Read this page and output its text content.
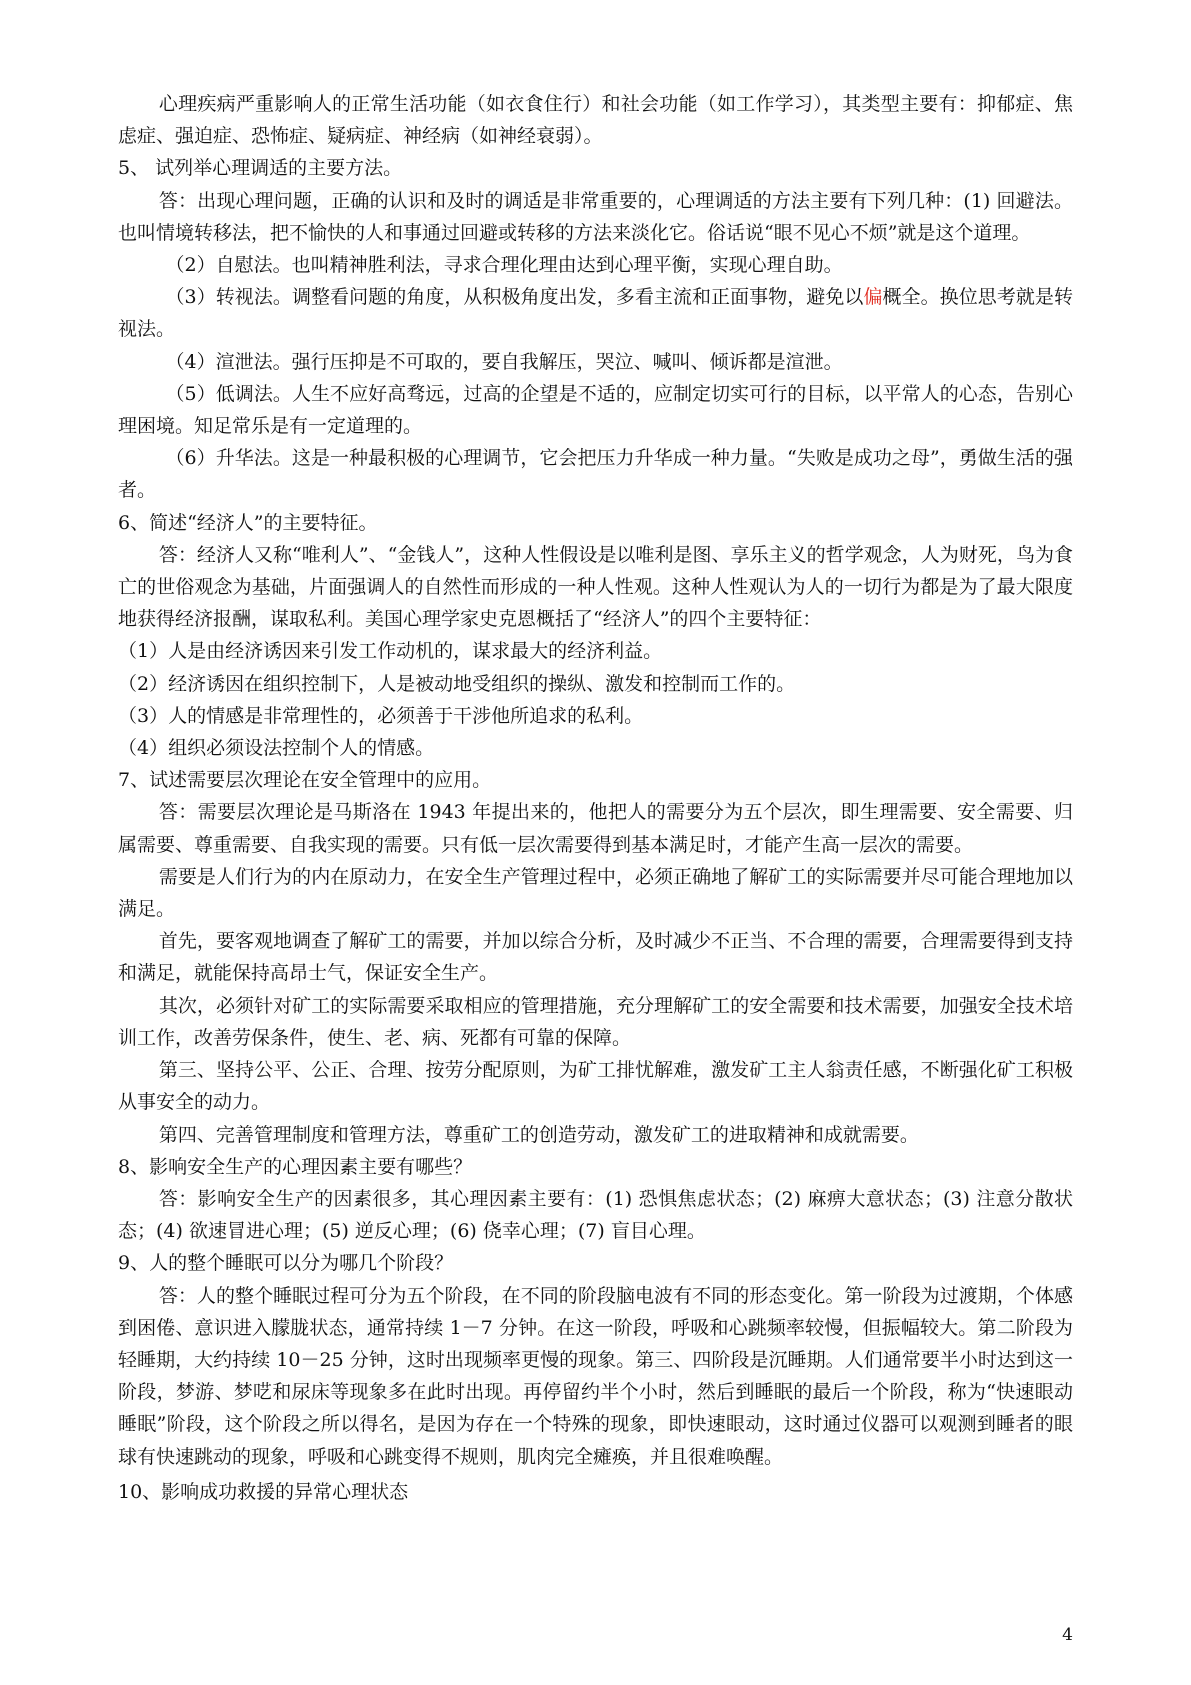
心理疾病严重影响人的正常生活功能（如衣食住行）和社会功能（如工作学习），其类型主要有：抑郁症、焦虑症、强迫症、恐怖症、疑病症、神经病（如神经衰弱）。

5、 试列举心理调适的主要方法。

答：出现心理问题，正确的认识和及时的调适是非常重要的，心理调适的方法主要有下列几种：(1) 回避法。也叫情境转移法，把不愉快的人和事通过回避或转移的方法来淡化它。俗话说“眼不见心不烦”就是这个道理。

（2）自慰法。也叫精神胜利法，寻求合理化理由达到心理平衡，实现心理自助。

（3）转视法。调整看问题的角度，从积极角度出发，多看主流和正面事物，避免以偏概全。换位思考就是转视法。

（4）渲泄法。强行压抑是不可取的，要自我解压，哭泣、喊叫、倾诉都是渲泄。

（5）低调法。人生不应好高骛远，过高的企望是不适的，应制定切实可行的目标，以平常人的心态，告别心理困境。知足常乐是有一定道理的。

（6）升华法。这是一种最积极的心理调节，它会把压力升华成一种力量。“失败是成功之母”，勇做生活的强者。

6、简述“经济人”的主要特征。

答：经济人又称“唯利人”、“金钱人”，这种人性假设是以唯利是图、享乐主义的哲学观念，人为财死，鸟为食亡的世俗观念为基础，片面强调人的自然性而形成的一种人性观。这种人性观认为人的一切行为都是为了最大限度地获得经济报酬，谋取私利。美国心理学家史克恩概括了“经济人”的四个主要特征：

（1）人是由经济诱因来引发工作动机的，谋求最大的经济利益。

（2）经济诱因在组织控制下，人是被动地受组织的操纵、激发和控制而工作的。

（3）人的情感是非常理性的，必须善于干涉他所追求的私利。

（4）组织必须设法控制个人的情感。

7、试述需要层次理论在安全管理中的应用。

答：需要层次理论是马斯洛在 1943 年提出来的，他把人的需要分为五个层次，即生理需要、安全需要、归属需要、尊重需要、自我实现的需要。只有低一层次需要得到基本满足时，才能产生高一层次的需要。

需要是人们行为的内在原动力，在安全生产管理过程中，必须正确地了解矿工的实际需要并尽可能合理地加以满足。

首先，要客观地调查了解矿工的需要，并加以综合分析，及时减少不正当、不合理的需要，合理需要得到支持和满足，就能保持高昂士气，保证安全生产。

其次，必须针对矿工的实际需要采取相应的管理措施，充分理解矿工的安全需要和技术需要，加强安全技术培训工作，改善劳保条件，使生、老、病、死都有可靠的保障。

第三、坚持公平、公正、合理、按劳分配原则，为矿工排忧解难，激发矿工主人翁责任感，不断强化矿工积极从事安全的动力。

第四、完善管理制度和管理方法，尊重矿工的创造劳动，激发矿工的进取精神和成就需要。

8、影响安全生产的心理因素主要有哪些？

答：影响安全生产的因素很多，其心理因素主要有：(1) 恐惧焦虑状态；(2) 麻痹大意状态；(3) 注意分散状态；(4) 欲速冒进心理；(5) 逆反心理；(6) 侥幸心理；(7) 盲目心理。

9、人的整个睡眠可以分为哪几个阶段？

答：人的整个睡眠过程可分为五个阶段，在不同的阶段脑电波有不同的形态变化。第一阶段为过渡期，个体感到困倦、意识进入朦胧状态，通常持续 1－7 分钟。在这一阶段，呼吸和心跳频率较慢，但振幅较大。第二阶段为轻睡期，大约持续 10－25 分钟，这时出现频率更慢的现象。第三、四阶段是沉睡期。人们通常要半小时达到这一阶段，梦游、梦呓和尿床等现象多在此时出现。再停留约半个小时，然后到睡眠的最后一个阶段，称为“快速眼动睡眠”阶段，这个阶段之所以得名，是因为存在一个特殊的现象，即快速眼动，这时通过仪器可以观测到睡者的眼球有快速跳动的现象，呼吸和心跳变得不规则，肌肉完全瘫痪，并且很难唤醒。

10、影响成功救援的异常心理状态

4
